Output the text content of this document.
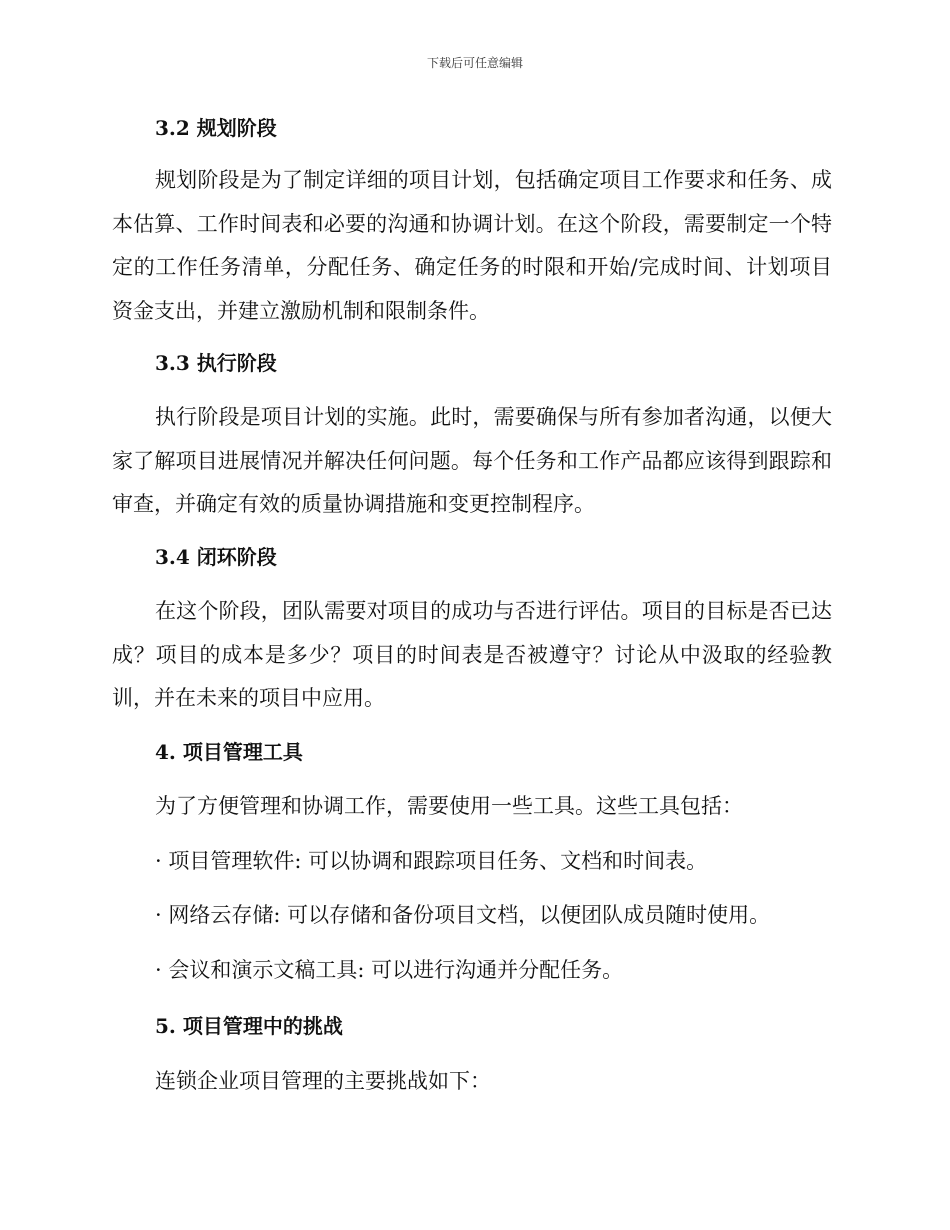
下载后可任意编辑
3.2 规划阶段

规划阶段是为了制定详细的项目计划，包括确定项目工作要求和任务、成本估算、工作时间表和必要的沟通和协调计划。在这个阶段，需要制定一个特定的工作任务清单，分配任务、确定任务的时限和开始/完成时间、计划项目资金支出，并建立激励机制和限制条件。

3.3 执行阶段

执行阶段是项目计划的实施。此时，需要确保与所有参加者沟通，以便大家了解项目进展情况并解决任何问题。每个任务和工作产品都应该得到跟踪和审查，并确定有效的质量协调措施和变更控制程序。

3.4 闭环阶段

在这个阶段，团队需要对项目的成功与否进行评估。项目的目标是否已达成？项目的成本是多少？项目的时间表是否被遵守？讨论从中汲取的经验教训，并在未来的项目中应用。

4. 项目管理工具
为了方便管理和协调工作，需要使用一些工具。这些工具包括：
· 项目管理软件: 可以协调和跟踪项目任务、文档和时间表。
· 网络云存储: 可以存储和备份项目文档，以便团队成员随时使用。
· 会议和演示文稿工具: 可以进行沟通并分配任务。
5. 项目管理中的挑战
连锁企业项目管理的主要挑战如下：
